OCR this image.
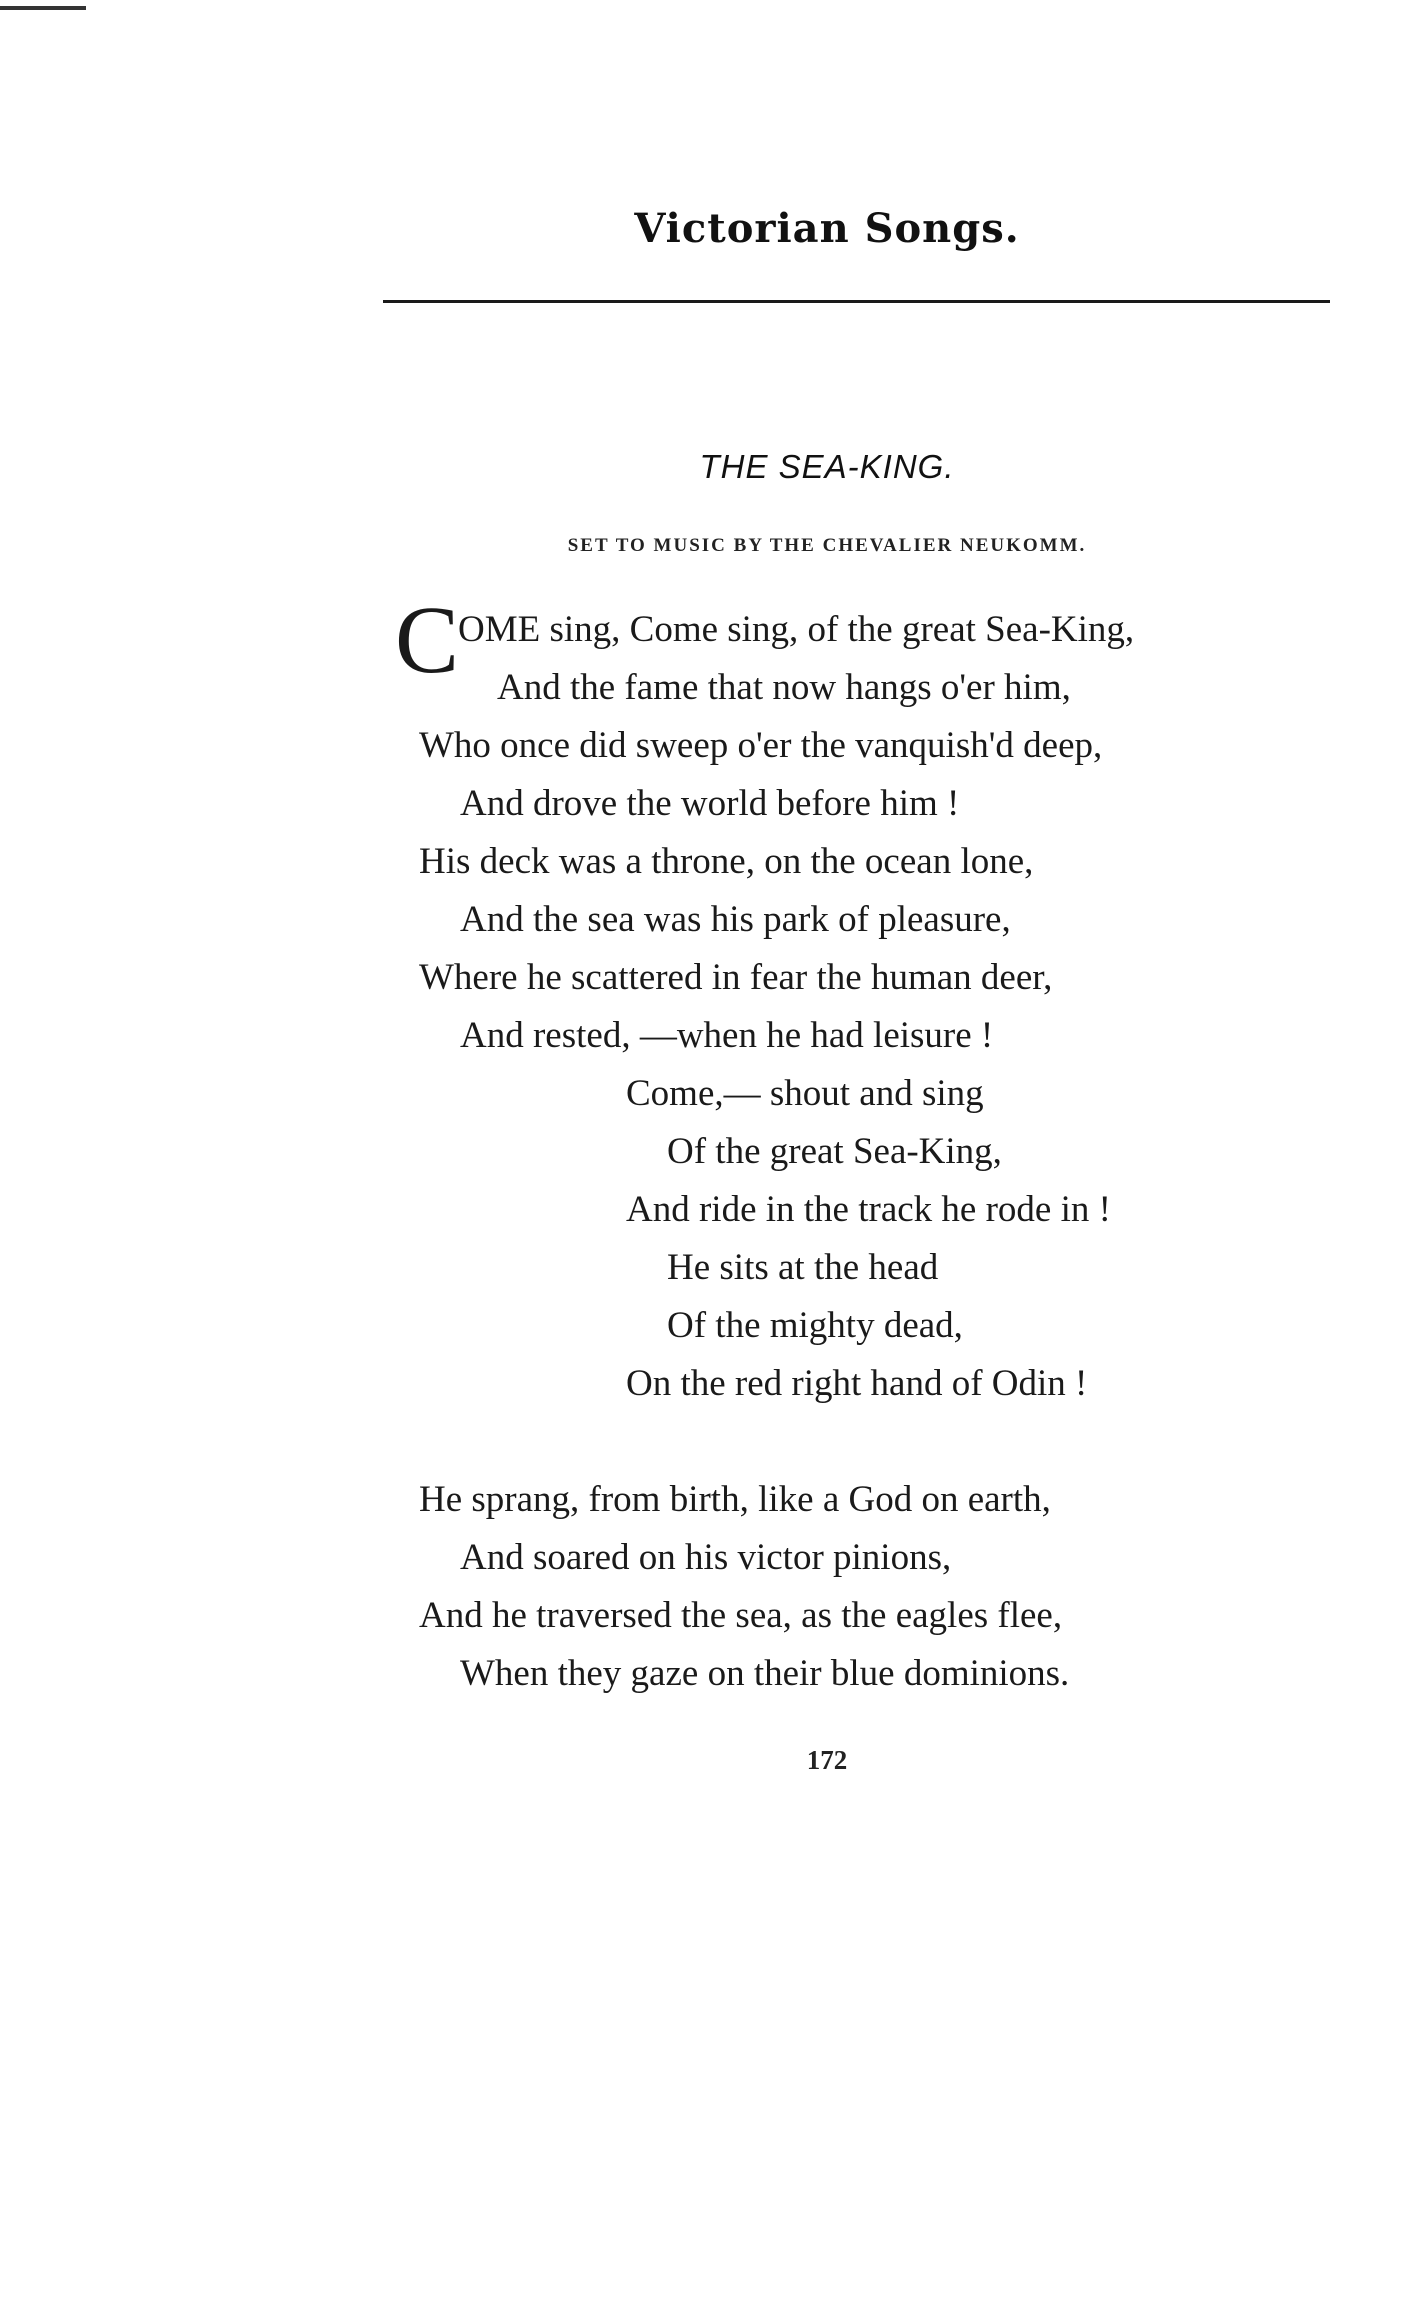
Victorian Songs.
THE SEA-KING.
SET TO MUSIC BY THE CHEVALIER NEUKOMM.
C
OME sing, Come sing, of the great Sea-King,
And the fame that now hangs o'er him,
Who once did sweep o'er the vanquish'd deep,
And drove the world before him !
His deck was a throne, on the ocean lone,
And the sea was his park of pleasure,
Where he scattered in fear the human deer,
And rested, —when he had leisure !
Come,— shout and sing
Of the great Sea-King,
And ride in the track he rode in !
He sits at the head
Of the mighty dead,
On the red right hand of Odin !
He sprang, from birth, like a God on earth,
And soared on his victor pinions,
And he traversed the sea, as the eagles flee,
When they gaze on their blue dominions.
172
